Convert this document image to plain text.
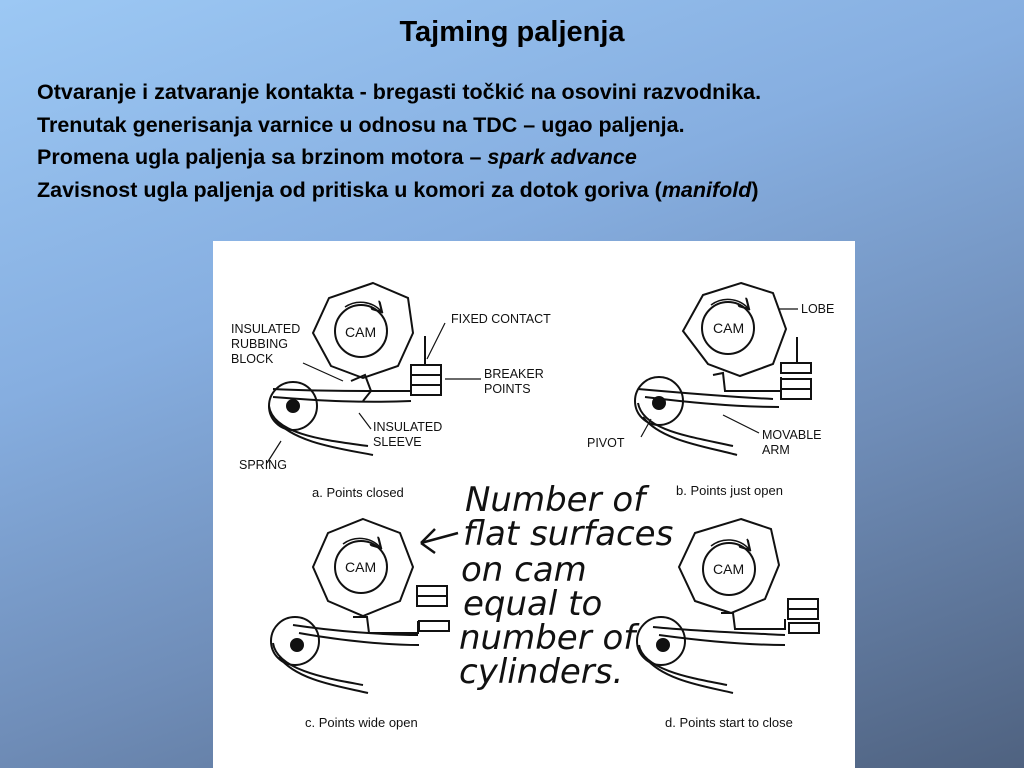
Tajming paljenja
Otvaranje i zatvaranje kontakta - bregasti točkić na osovini razvodnika.
Trenutak generisanja varnice u odnosu na TDC – ugao paljenja.
Promena ugla paljenja sa brzinom motora – spark advance
Zavisnost ugla paljenja od pritiska u komori za dotok goriva (manifold)
CAM
INSULATED RUBBING BLOCK
FIXED CONTACT
BREAKER POINTS
INSULATED SLEEVE
SPRING
a. Points closed
CAM
LOBE
PIVOT
MOVABLE ARM
b. Points just open
CAM
c. Points wide open
CAM
d. Points start to close
Number of flat surfaces on cam equal to number of cylinders.
